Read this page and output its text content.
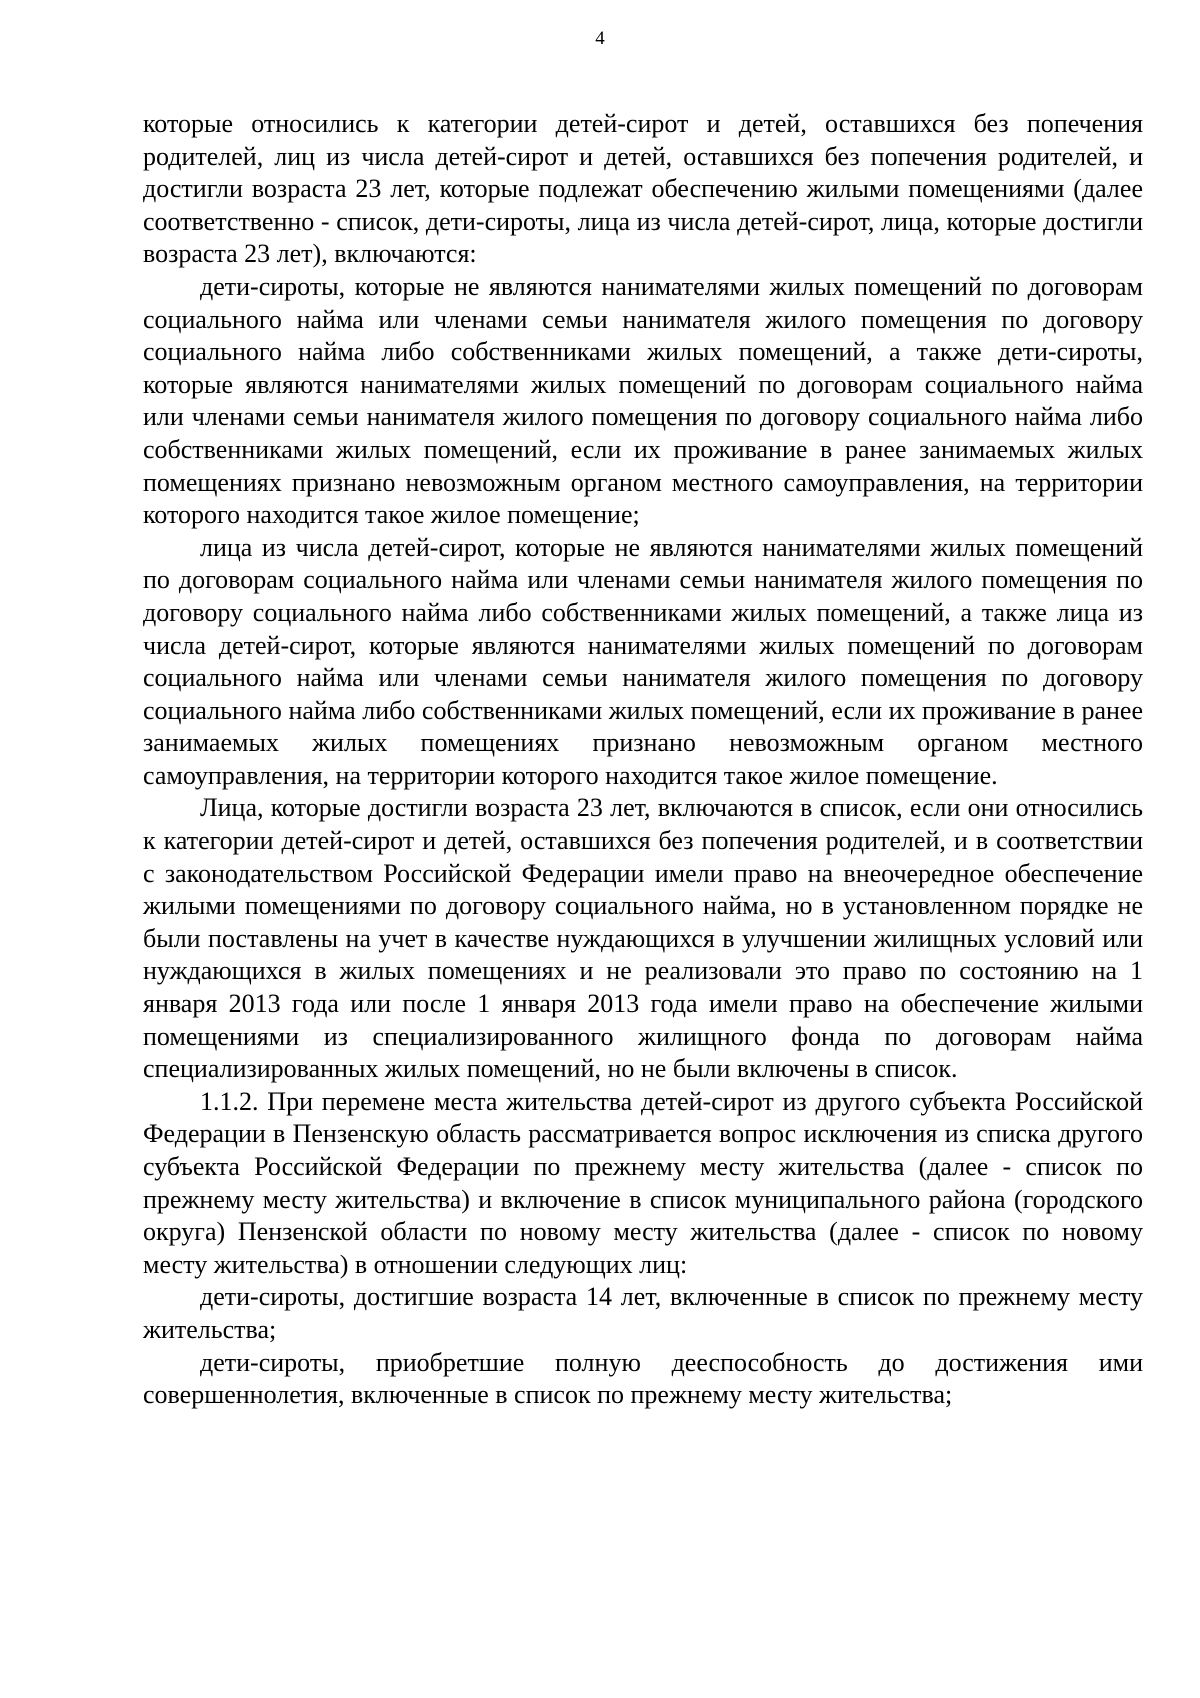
4

которые относились к категории детей-сирот и детей, оставшихся без попечения родителей, лиц из числа детей-сирот и детей, оставшихся без попечения родителей, и достигли возраста 23 лет, которые подлежат обеспечению жилыми помещениями (далее соответственно - список, дети-сироты, лица из числа детей-сирот, лица, которые достигли возраста 23 лет), включаются:

дети-сироты, которые не являются нанимателями жилых помещений по договорам социального найма или членами семьи нанимателя жилого помещения по договору социального найма либо собственниками жилых помещений, а также дети-сироты, которые являются нанимателями жилых помещений по договорам социального найма или членами семьи нанимателя жилого помещения по договору социального найма либо собственниками жилых помещений, если их проживание в ранее занимаемых жилых помещениях признано невозможным органом местного самоуправления, на территории которого находится такое жилое помещение;

лица из числа детей-сирот, которые не являются нанимателями жилых помещений по договорам социального найма или членами семьи нанимателя жилого помещения по договору социального найма либо собственниками жилых помещений, а также лица из числа детей-сирот, которые являются нанимателями жилых помещений по договорам социального найма или членами семьи нанимателя жилого помещения по договору социального найма либо собственниками жилых помещений, если их проживание в ранее занимаемых жилых помещениях признано невозможным органом местного самоуправления, на территории которого находится такое жилое помещение.

Лица, которые достигли возраста 23 лет, включаются в список, если они относились к категории детей-сирот и детей, оставшихся без попечения родителей, и в соответствии с законодательством Российской Федерации имели право на внеочередное обеспечение жилыми помещениями по договору социального найма, но в установленном порядке не были поставлены на учет в качестве нуждающихся в улучшении жилищных условий или нуждающихся в жилых помещениях и не реализовали это право по состоянию на 1 января 2013 года или после 1 января 2013 года имели право на обеспечение жилыми помещениями из специализированного жилищного фонда по договорам найма специализированных жилых помещений, но не были включены в список.

1.1.2. При перемене места жительства детей-сирот из другого субъекта Российской Федерации в Пензенскую область рассматривается вопрос исключения из списка другого субъекта Российской Федерации по прежнему месту жительства (далее - список по прежнему месту жительства) и включение в список муниципального района (городского округа) Пензенской области по новому месту жительства (далее - список по новому месту жительства) в отношении следующих лиц:

дети-сироты, достигшие возраста 14 лет, включенные в список по прежнему месту жительства;

дети-сироты, приобретшие полную дееспособность до достижения ими совершеннолетия, включенные в список по прежнему месту жительства;
